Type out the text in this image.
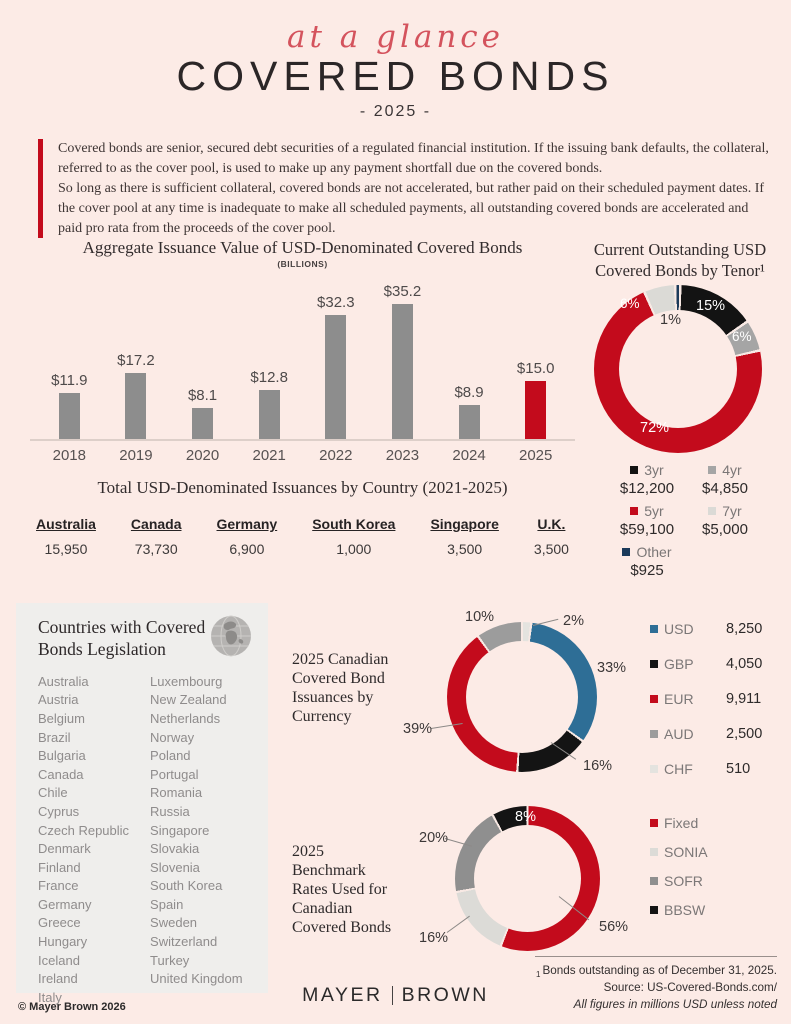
at a glance
COVERED BONDS
- 2025 -

Covered bonds are senior, secured debt securities of a regulated financial institution. If the issuing bank defaults, the collateral, referred to as the cover pool, is used to make up any payment shortfall due on the covered bonds.

So long as there is sufficient collateral, covered bonds are not accelerated, but rather paid on their scheduled payment dates. If the cover pool at any time is inadequate to make all scheduled payments, all outstanding covered bonds are accelerated and paid pro rata from the proceeds of the cover pool.

Aggregate Issuance Value of USD-Denominated Covered Bonds
(BILLIONS)
$11.9
$17.2
$8.1
$12.8
$32.3
$35.2
$8.9
$15.0
2018	2019	2020	2021	2022	2023	2024	2025
Current Outstanding USD
Covered Bonds by Tenor¹
1%
15%
6%
72%
6%
3yr
$12,200
4yr
$4,850
5yr
$59,100
7yr
$5,000
Other
$925
Total USD-Denominated Issuances by Country (2021-2025)
Australia
15,950
Canada
73,730
Germany
6,900
South Korea
1,000
Singapore
3,500
U.K.
3,500
Countries with Covered
Bonds Legislation
Australia
Austria
Belgium
Brazil
Bulgaria
Canada
Chile
Cyprus
Czech Republic
Denmark
Finland
France
Germany
Greece
Hungary
Iceland
Ireland
Italy
Luxembourg
New Zealand
Netherlands
Norway
Poland
Portugal
Romania
Russia
Singapore
Slovakia
Slovenia
South Korea
Spain
Sweden
Switzerland
Turkey
United Kingdom
2025 Canadian
Covered Bond
Issuances by
Currency
2%
33%
16%
39%
10%
USD	8,250
GBP	4,050
EUR	9,911
AUD	2,500
CHF	510
2025
Benchmark
Rates Used for
Canadian
Covered Bonds	56%
16%
20%
8%	Fixed
SONIA
SOFR
BBSW
$_1$ Bonds outstanding as of December 31, 2025.
Source: US-Covered-Bonds.com/
All figures in millions USD unless noted
MAYER BROWN
© Mayer Brown 2026
